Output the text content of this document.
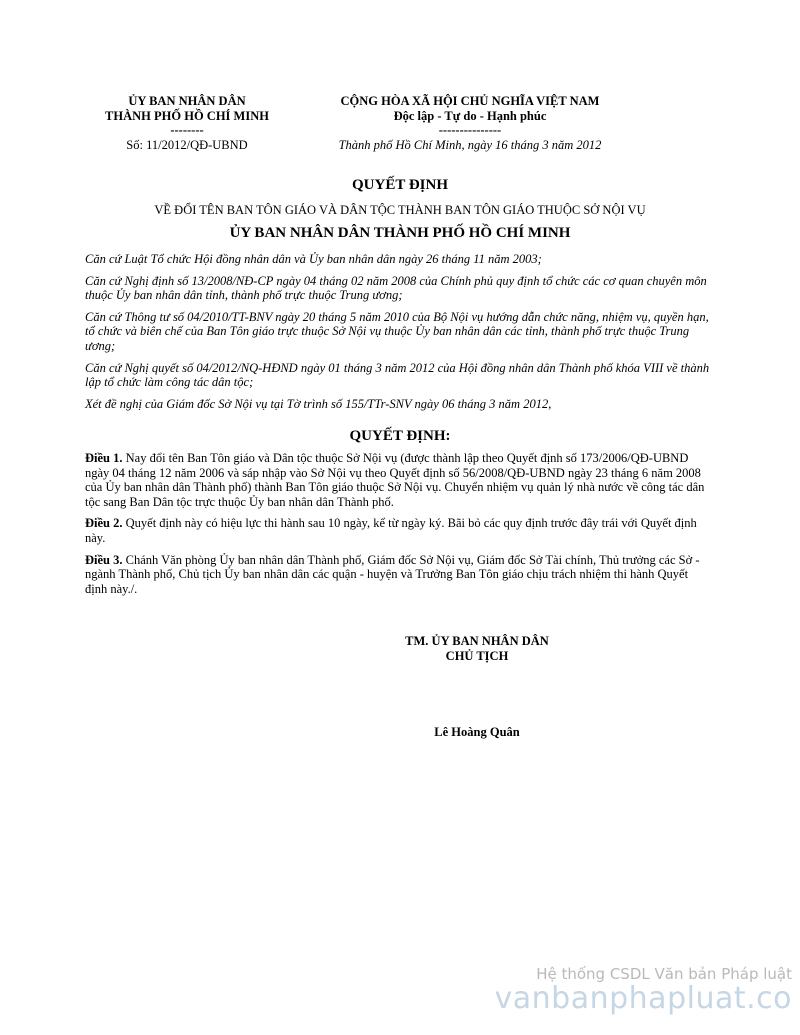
ỦY BAN NHÂN DÂN
THÀNH PHỐ HỒ CHÍ MINH
--------
Số: 11/2012/QĐ-UBND
CỘNG HÒA XÃ HỘI CHỦ NGHĨA VIỆT NAM
Độc lập - Tự do - Hạnh phúc
---------------
Thành phố Hồ Chí Minh, ngày 16 tháng 3 năm 2012
QUYẾT ĐỊNH
VỀ ĐỔI TÊN BAN TÔN GIÁO VÀ DÂN TỘC THÀNH BAN TÔN GIÁO THUỘC SỞ NỘI VỤ
ỦY BAN NHÂN DÂN THÀNH PHỐ HỒ CHÍ MINH

Căn cứ Luật Tổ chức Hội đồng nhân dân và Ủy ban nhân dân ngày 26 tháng 11 năm 2003;

Căn cứ Nghị định số 13/2008/NĐ-CP ngày 04 tháng 02 năm 2008 của Chính phủ quy định tổ chức các cơ quan chuyên môn thuộc Ủy ban nhân dân tỉnh, thành phố trực thuộc Trung ương;

Căn cứ Thông tư số 04/2010/TT-BNV ngày 20 tháng 5 năm 2010 của Bộ Nội vụ hướng dẫn chức năng, nhiệm vụ, quyền hạn, tổ chức và biên chế của Ban Tôn giáo trực thuộc Sở Nội vụ thuộc Ủy ban nhân dân các tỉnh, thành phố trực thuộc Trung ương;

Căn cứ Nghị quyết số 04/2012/NQ-HĐND ngày 01 tháng 3 năm 2012 của Hội đồng nhân dân Thành phố khóa VIII về thành lập tổ chức làm công tác dân tộc;

Xét đề nghị của Giám đốc Sở Nội vụ tại Tờ trình số 155/TTr-SNV ngày 06 tháng 3 năm 2012,

QUYẾT ĐỊNH:

Điều 1. Nay đổi tên Ban Tôn giáo và Dân tộc thuộc Sở Nội vụ (được thành lập theo Quyết định số 173/2006/QĐ-UBND ngày 04 tháng 12 năm 2006 và sáp nhập vào Sở Nội vụ theo Quyết định số 56/2008/QĐ-UBND ngày 23 tháng 6 năm 2008 của Ủy ban nhân dân Thành phố) thành Ban Tôn giáo thuộc Sở Nội vụ. Chuyển nhiệm vụ quản lý nhà nước về công tác dân tộc sang Ban Dân tộc trực thuộc Ủy ban nhân dân Thành phố.

Điều 2. Quyết định này có hiệu lực thi hành sau 10 ngày, kể từ ngày ký. Bãi bỏ các quy định trước đây trái với Quyết định này.

Điều 3. Chánh Văn phòng Ủy ban nhân dân Thành phố, Giám đốc Sở Nội vụ, Giám đốc Sở Tài chính, Thủ trưởng các Sở - ngành Thành phố, Chủ tịch Ủy ban nhân dân các quận - huyện và Trưởng Ban Tôn giáo chịu trách nhiệm thi hành Quyết định này./.

TM. ỦY BAN NHÂN DÂN
CHỦ TỊCH
Lê Hoàng Quân
Hệ thống CSDL Văn bản Pháp luật
vanbanphapluat.co
